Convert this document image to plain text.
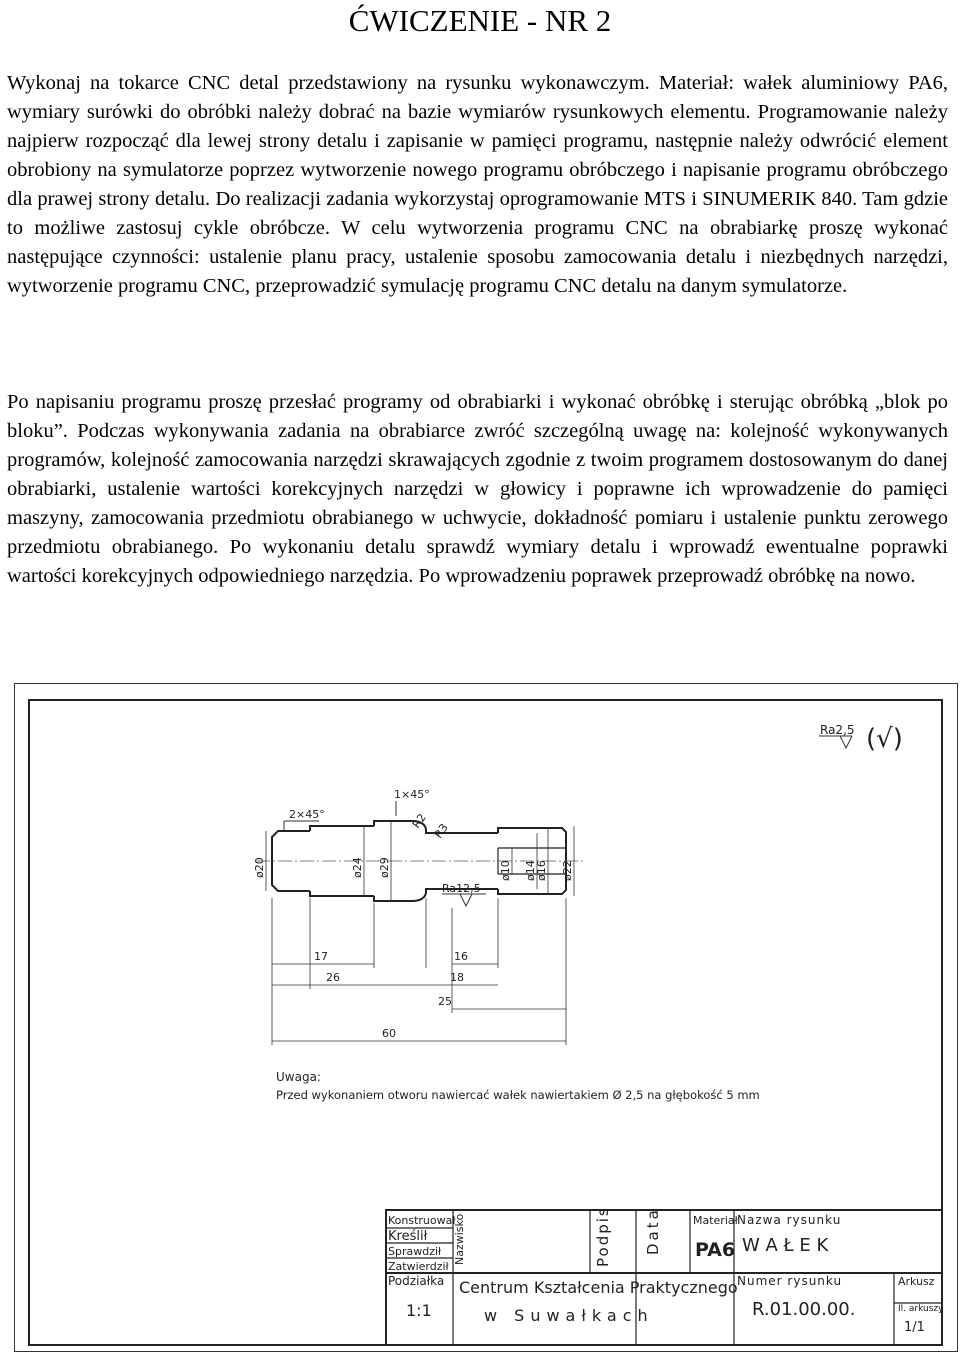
ĆWICZENIE - NR 2

Wykonaj na tokarce CNC detal przedstawiony na rysunku wykonawczym. Materiał: wałek aluminiowy PA6, wymiary surówki do obróbki należy dobrać na bazie wymiarów rysunkowych elementu. Programowanie należy najpierw rozpocząć dla lewej strony detalu i zapisanie w pamięci programu, następnie należy odwrócić element obrobiony na symulatorze poprzez wytworzenie nowego programu obróbczego i napisanie programu obróbczego dla prawej strony detalu. Do realizacji zadania wykorzystaj oprogramowanie MTS i SINUMERIK 840. Tam gdzie to możliwe zastosuj cykle obróbcze. W celu wytworzenia programu CNC na obrabiarkę proszę wykonać następujące czynności: ustalenie planu pracy, ustalenie sposobu zamocowania detalu i niezbędnych narzędzi, wytworzenie programu CNC, przeprowadzić symulację programu CNC detalu na danym symulatorze.

Po napisaniu programu proszę przesłać programy od obrabiarki i wykonać obróbkę i sterując obróbką „blok po bloku”. Podczas wykonywania zadania na obrabiarce zwróć szczególną uwagę na: kolejność wykonywanych programów, kolejność zamocowania narzędzi skrawających zgodnie z twoim programem dostosowanym do danej obrabiarki, ustalenie wartości korekcyjnych narzędzi w głowicy i poprawne ich wprowadzenie do pamięci maszyny, zamocowania przedmiotu obrabianego w uchwycie, dokładność pomiaru i ustalenie punktu zerowego przedmiotu obrabianego. Po wykonaniu detalu sprawdź wymiary detalu i wprowadź ewentualne poprawki wartości korekcyjnych odpowiedniego narzędzia. Po wprowadzeniu poprawek przeprowadź obróbkę na nowo.

Ra2,5 (√)
2×45°
1×45°
R2
R3
Ra12,5
ø20	ø24 ø29	ø10 ø14
ø16 ø22
17	16
26	18
25
60
Uwaga:
Przed wykonaniem otworu nawiercać wałek nawiertakiem Ø 2,5 na głębokość 5 mm
Konstruował
Kreślił
Sprawdził
Zatwierdził
Nazwisko	Podpis Data	Materiał
PA6
Nazwa rysunku
W A Ł E K
Podziałka
1:1
Centrum Kształcenia Praktycznego
w Suwałkach
Numer rysunku
R.01.00.00.
Arkusz
Il. arkuszy
1/1
